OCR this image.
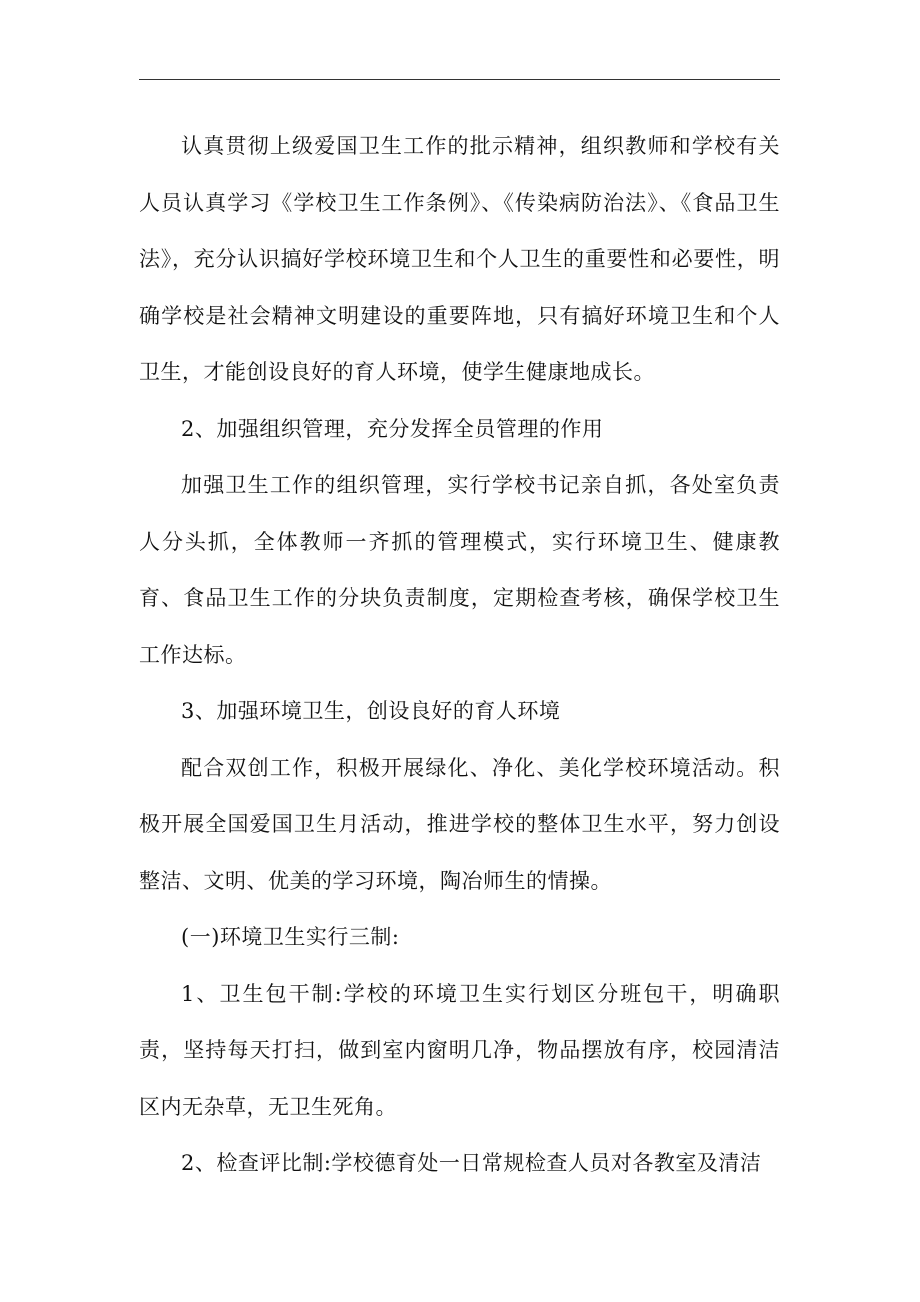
认真贯彻上级爱国卫生工作的批示精神，组织教师和学校有关人员认真学习《学校卫生工作条例》、《传染病防治法》、《食品卫生法》，充分认识搞好学校环境卫生和个人卫生的重要性和必要性，明确学校是社会精神文明建设的重要阵地，只有搞好环境卫生和个人卫生，才能创设良好的育人环境，使学生健康地成长。

2、加强组织管理，充分发挥全员管理的作用

加强卫生工作的组织管理，实行学校书记亲自抓，各处室负责人分头抓，全体教师一齐抓的管理模式，实行环境卫生、健康教育、食品卫生工作的分块负责制度，定期检查考核，确保学校卫生工作达标。

3、加强环境卫生，创设良好的育人环境

配合双创工作，积极开展绿化、净化、美化学校环境活动。积极开展全国爱国卫生月活动，推进学校的整体卫生水平，努力创设整洁、文明、优美的学习环境，陶冶师生的情操。

(一)环境卫生实行三制:

1、卫生包干制:学校的环境卫生实行划区分班包干，明确职责，坚持每天打扫，做到室内窗明几净，物品摆放有序，校园清洁区内无杂草，无卫生死角。

2、检查评比制:学校德育处一日常规检查人员对各教室及清洁
